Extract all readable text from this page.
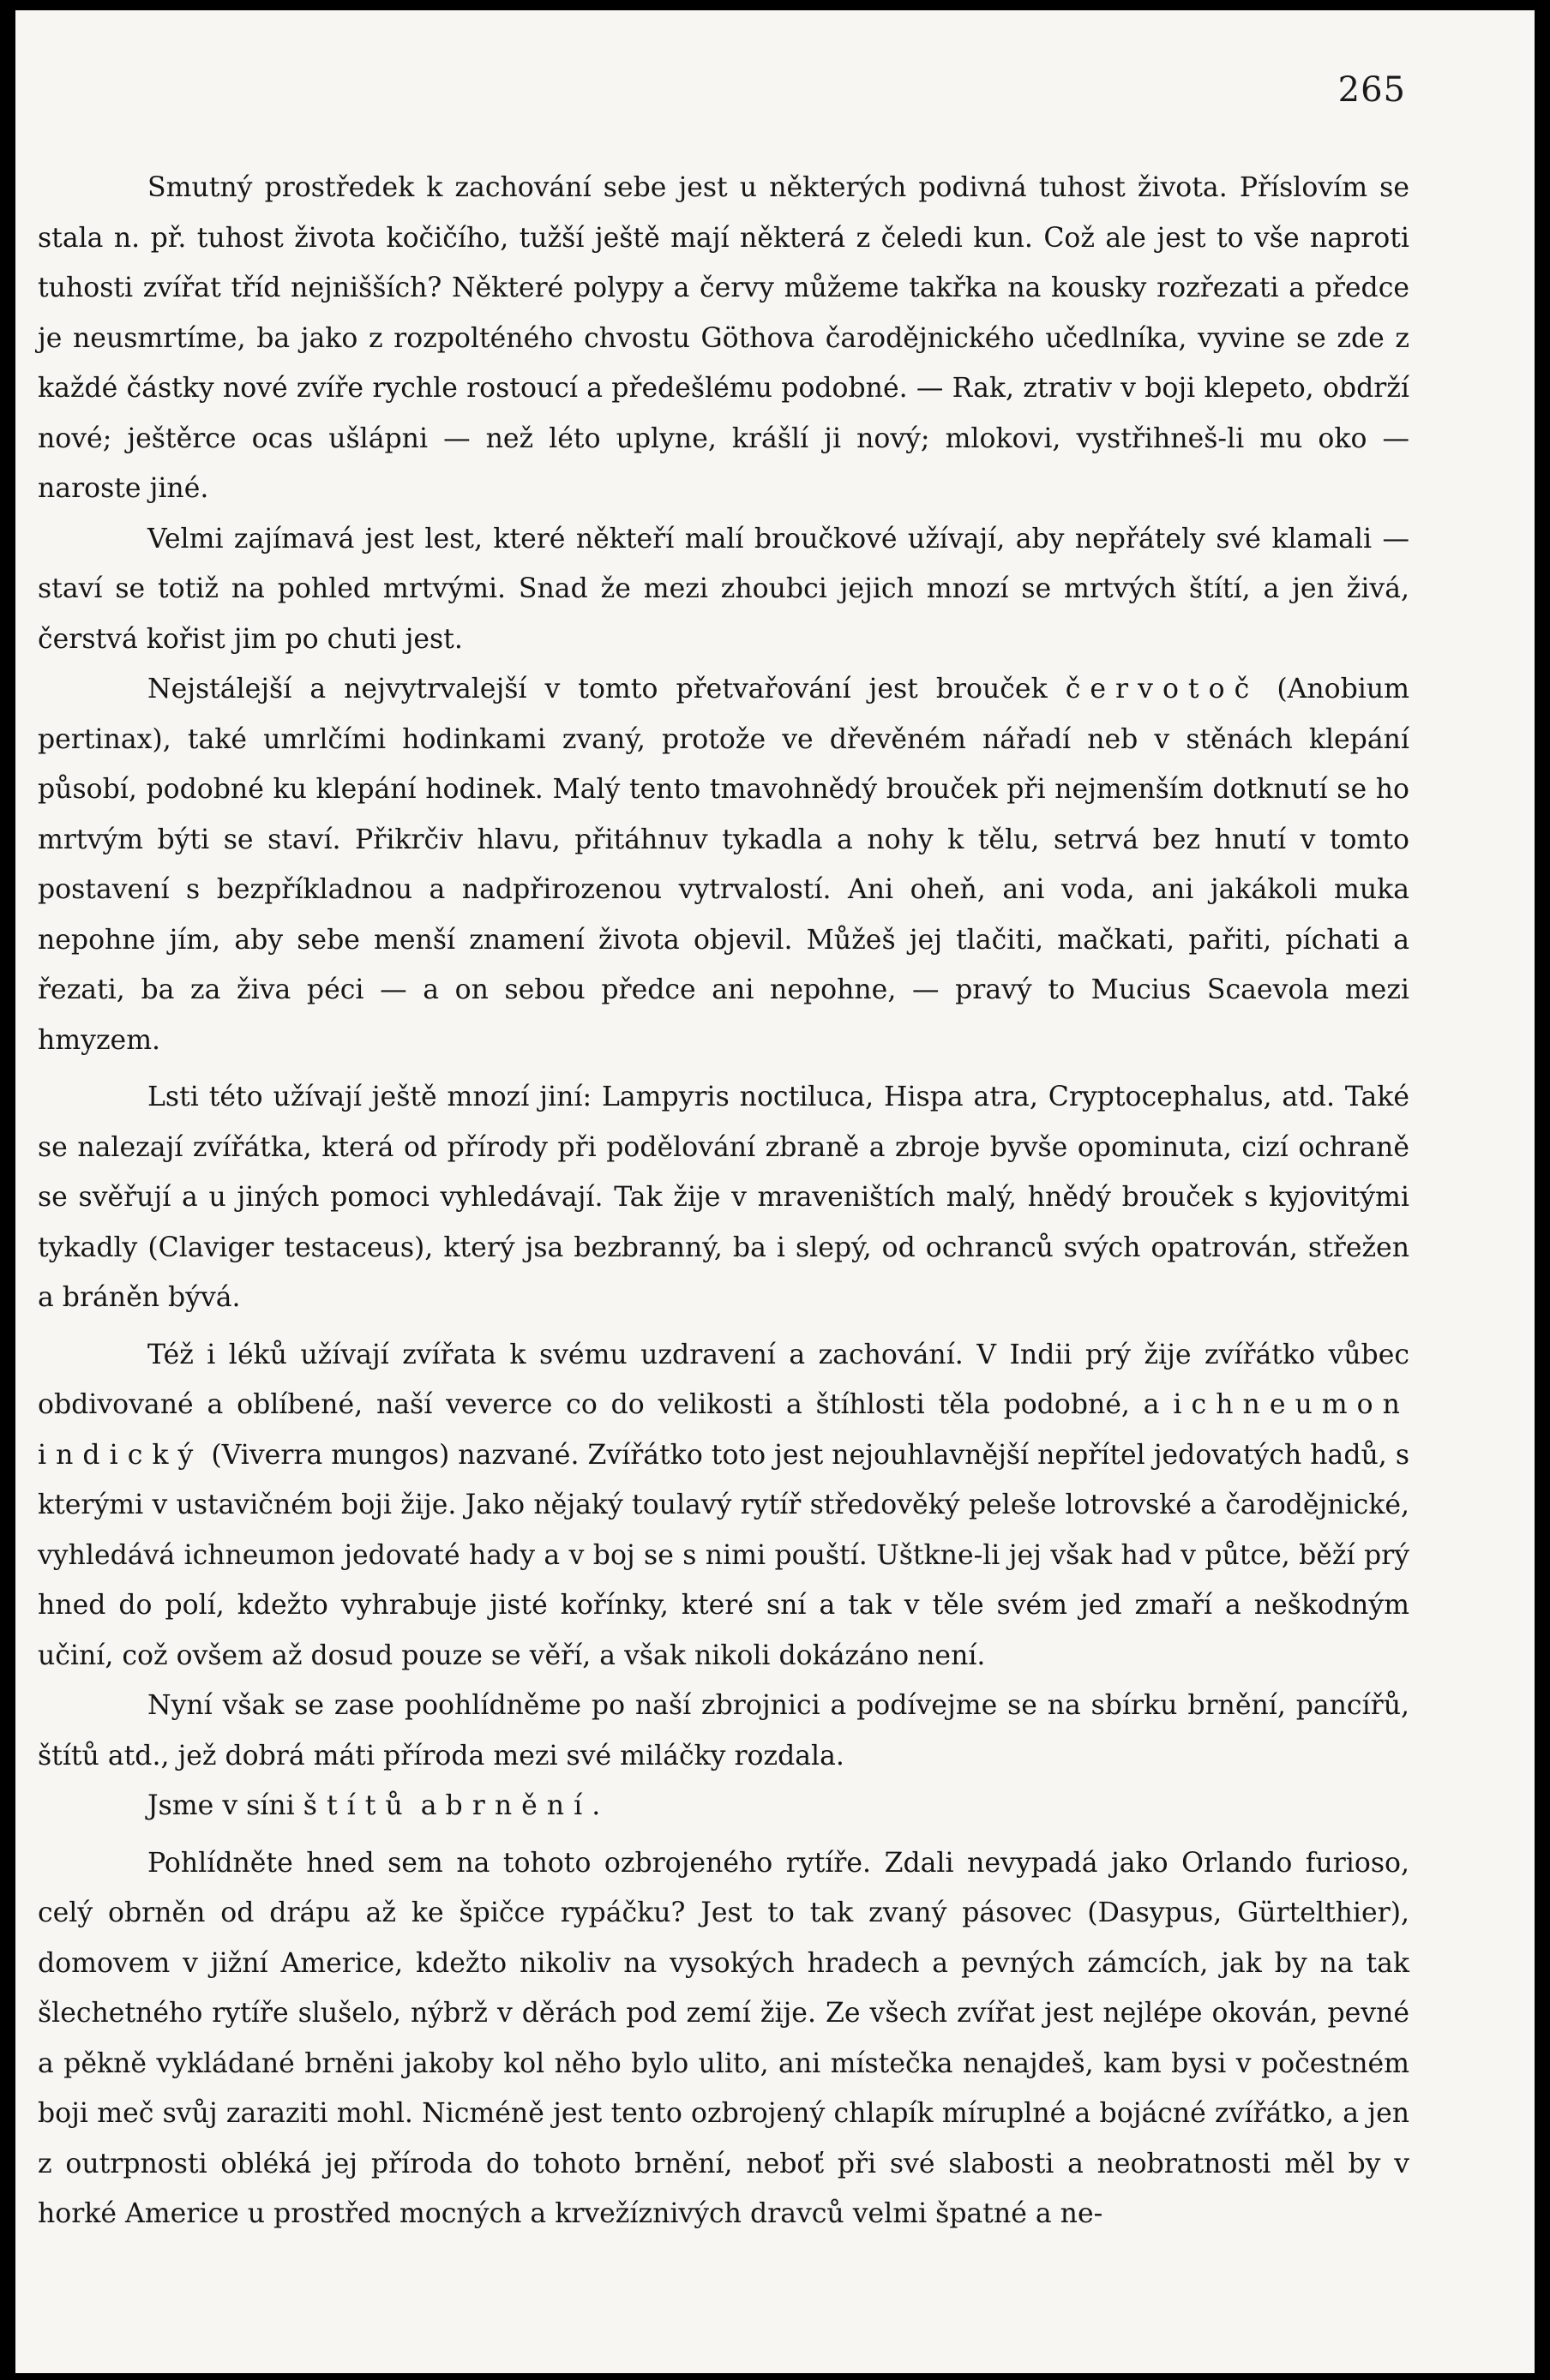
265

Smutný prostředek k zachování sebe jest u některých podivná tuhost života. Příslovím se stala n. př. tuhost života kočičího, tužší ještě mají některá z čeledi kun. Což ale jest to vše naproti tuhosti zvířat tříd nejnišších? Některé polypy a červy můžeme takřka na kousky rozřezati a předce je neusmrtíme, ba jako z rozpolténého chvostu Göthova čarodějnického učedlníka, vyvine se zde z každé částky nové zvíře rychle rostoucí a předešlému podobné. — Rak, ztrativ v boji klepeto, obdrží nové; ještěrce ocas ušlápni — než léto uplyne, krášlí ji nový; mlokovi, vystřihneš-li mu oko — naroste jiné.

Velmi zajímavá jest lest, které někteří malí broučkové užívají, aby nepřátely své klamali — staví se totiž na pohled mrtvými. Snad že mezi zhoubci jejich mnozí se mrtvých štítí, a jen živá, čerstvá kořist jim po chuti jest.

Nejstálejší a nejvytrvalejší v tomto přetvařování jest brouček červotoč (Anobium pertinax), také umrlčími hodinkami zvaný, protože ve dřevěném nářadí neb v stěnách klepání působí, podobné ku klepání hodinek. Malý tento tmavohnědý brouček při nejmenším dotknutí se ho mrtvým býti se staví. Přikrčiv hlavu, přitáhnuv tykadla a nohy k tělu, setrvá bez hnutí v tomto postavení s bezpříkladnou a nadpřirozenou vytrvalostí. Ani oheň, ani voda, ani jakákoli muka nepohne jím, aby sebe menší znamení života objevil. Můžeš jej tlačiti, mačkati, pařiti, píchati a řezati, ba za živa péci — a on sebou předce ani nepohne, — pravý to Mucius Scaevola mezi hmyzem.

Lsti této užívají ještě mnozí jiní: Lampyris noctiluca, Hispa atra, Cryptocephalus, atd. Také se nalezají zvířátka, která od přírody při podělování zbraně a zbroje byvše opominuta, cizí ochraně se svěřují a u jiných pomoci vyhledávají. Tak žije v mraveništích malý, hnědý brouček s kyjovitými tykadly (Claviger testaceus), který jsa bezbranný, ba i slepý, od ochranců svých opatrován, střežen a bráněn bývá.

Též i léků užívají zvířata k svému uzdravení a zachování. V Indii prý žije zvířátko vůbec obdivované a oblíbené, naší veverce co do velikosti a štíhlosti těla podobné, a ichneumon indický (Viverra mungos) nazvané. Zvířátko toto jest nejouhlavnější nepřítel jedovatých hadů, s kterými v ustavičném boji žije. Jako nějaký toulavý rytíř středověký peleše lotrovské a čarodějnické, vyhledává ichneumon jedovaté hady a v boj se s nimi pouští. Uštkne-li jej však had v půtce, běží prý hned do polí, kdežto vyhrabuje jisté kořínky, které sní a tak v těle svém jed zmaří a neškodným učiní, což ovšem až dosud pouze se věří, a však nikoli dokázáno není.

Nyní však se zase poohlídněme po naší zbrojnici a podívejme se na sbírku brnění, pancířů, štítů atd., jež dobrá máti příroda mezi své miláčky rozdala.

Jsme v síni štítů a brnění.

Pohlídněte hned sem na tohoto ozbrojeného rytíře. Zdali nevypadá jako Orlando furioso, celý obrněn od drápu až ke špičce rypáčku? Jest to tak zvaný pásovec (Dasypus, Gürtelthier), domovem v jižní Americe, kdežto nikoliv na vysokých hradech a pevných zámcích, jak by na tak šlechetného rytíře slušelo, nýbrž v děrách pod zemí žije. Ze všech zvířat jest nejlépe okován, pevné a pěkně vykládané brněni jakoby kol něho bylo ulito, ani místečka nenajdeš, kam bysi v počestném boji meč svůj zaraziti mohl. Nicméně jest tento ozbrojený chlapík míruplné a bojácné zvířátko, a jen z outrpnosti obléká jej příroda do tohoto brnění, neboť při své slabosti a neobratnosti měl by v horké Americe u prostřed mocných a krvežíznivých dravců velmi špatné a ne-
